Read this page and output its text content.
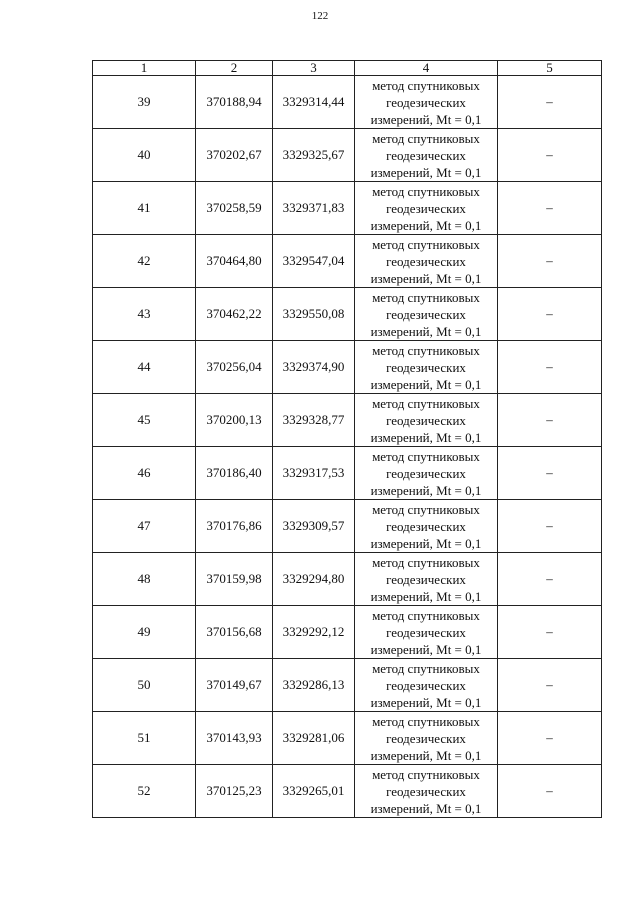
122
1	2	3	4	5
39	370188,94	3329314,44	метод спутниковых
геодезических
измерений, Mt = 0,1	–
40	370202,67	3329325,67	метод спутниковых
геодезических
измерений, Mt = 0,1	–
41	370258,59	3329371,83	метод спутниковых
геодезических
измерений, Mt = 0,1	–
42	370464,80	3329547,04	метод спутниковых
геодезических
измерений, Mt = 0,1	–
43	370462,22	3329550,08	метод спутниковых
геодезических
измерений, Mt = 0,1	–
44	370256,04	3329374,90	метод спутниковых
геодезических
измерений, Mt = 0,1	–
45	370200,13	3329328,77	метод спутниковых
геодезических
измерений, Mt = 0,1	–
46	370186,40	3329317,53	метод спутниковых
геодезических
измерений, Mt = 0,1	–
47	370176,86	3329309,57	метод спутниковых
геодезических
измерений, Mt = 0,1	–
48	370159,98	3329294,80	метод спутниковых
геодезических
измерений, Mt = 0,1	–
49	370156,68	3329292,12	метод спутниковых
геодезических
измерений, Mt = 0,1	–
50	370149,67	3329286,13	метод спутниковых
геодезических
измерений, Mt = 0,1	–
51	370143,93	3329281,06	метод спутниковых
геодезических
измерений, Mt = 0,1	–
52	370125,23	3329265,01	метод спутниковых
геодезических
измерений, Mt = 0,1	–
